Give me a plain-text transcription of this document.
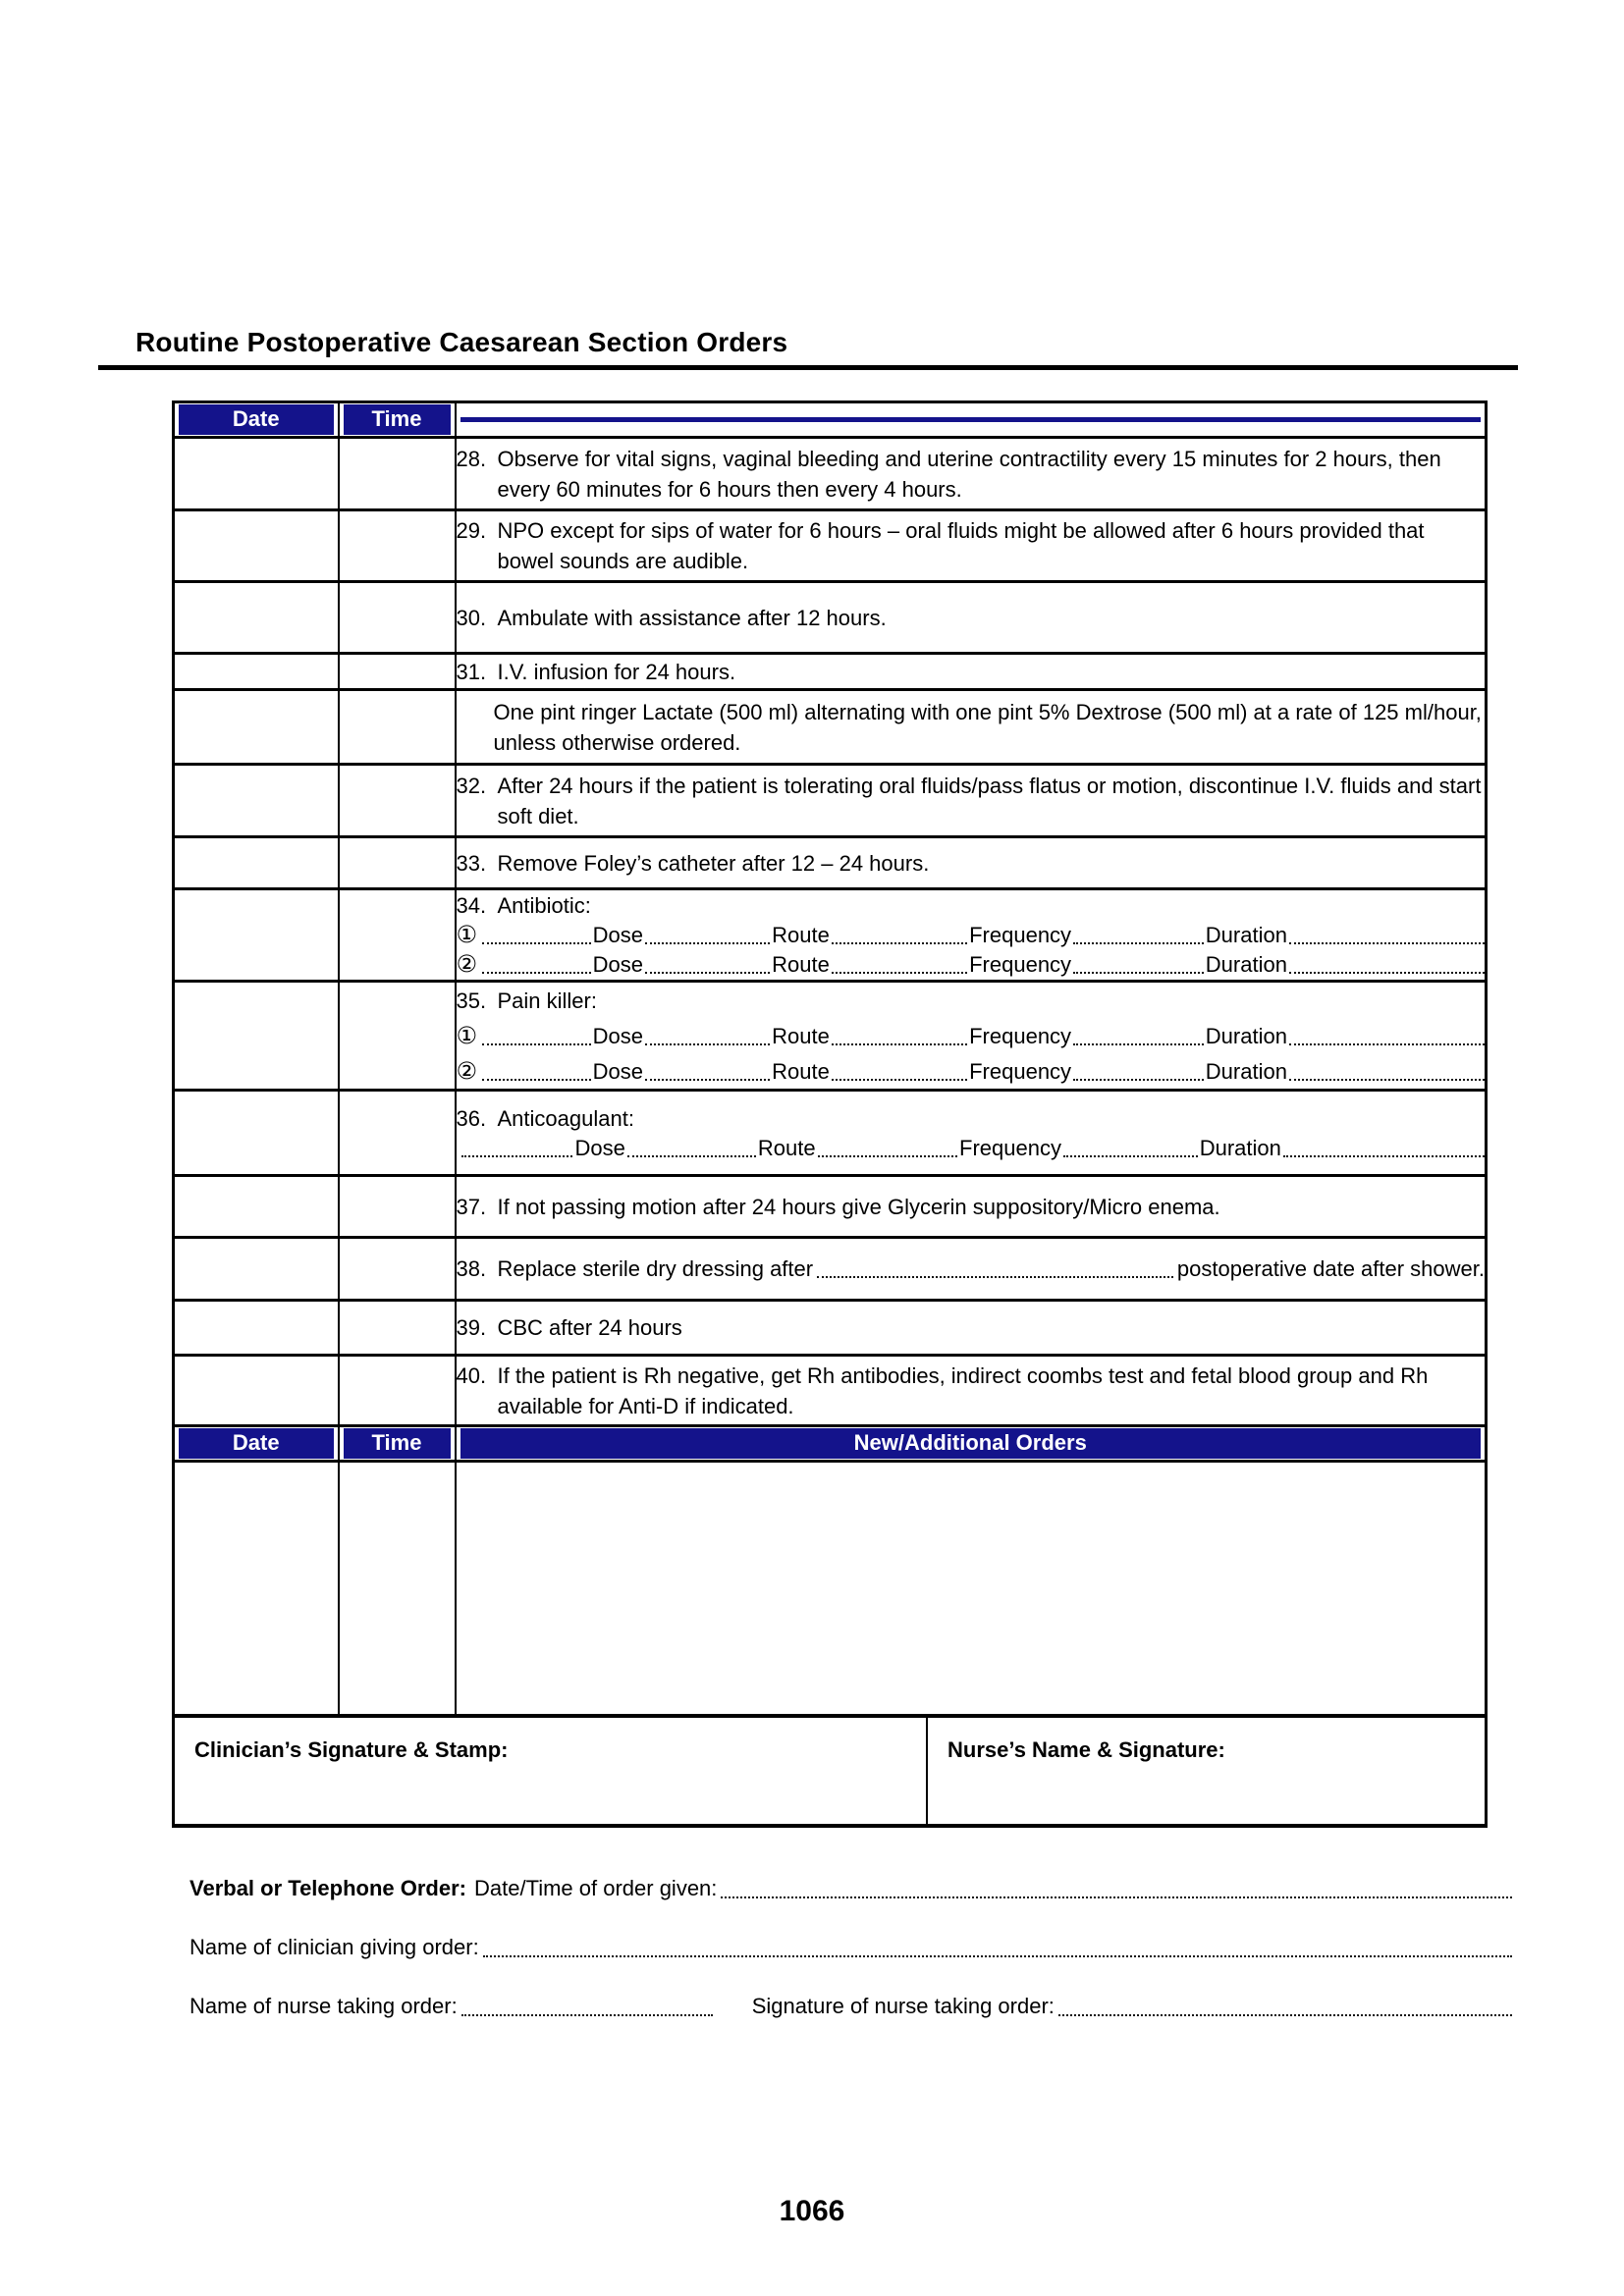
Routine Postoperative Caesarean Section Orders
Date	Time	

		28. Observe for vital signs, vaginal bleeding and uterine contractility every 15 minutes for 2 hours, then every 60 minutes for 6 hours then every 4 hours.

		29. NPO except for sips of water for 6 hours – oral fluids might be allowed after 6 hours provided that bowel sounds are audible.

		30. Ambulate with assistance after 12 hours.

		31. I.V. infusion for 24 hours.

		One pint ringer Lactate (500 ml) alternating with one pint 5% Dextrose (500 ml) at a rate of 125 ml/hour, unless otherwise ordered.

		32. After 24 hours if the patient is tolerating oral fluids/pass flatus or motion, discontinue I.V. fluids and start soft diet.

		33. Remove Foley’s catheter after 12 – 24 hours.

34. Antibiotic:
①	Dose	Route	Frequency	Duration
②	Dose	Route	Frequency	Duration

35. Pain killer:
①	Dose	Route	Frequency	Duration
②	Dose	Route	Frequency	Duration

36. Anticoagulant:
Dose	Route	Frequency	Duration

		37. If not passing motion after 24 hours give Glycerin suppository/Micro enema.

		38. Replace sterile dry dressing after postoperative date after shower.

		39. CBC after 24 hours

		40. If the patient is Rh negative, get Rh antibodies, indirect coombs test and fetal blood group and Rh available for Anti-D if indicated.

Date	Time	New/Additional Orders

Clinician’s Signature & Stamp: Nurse’s Name & Signature:		
Verbal or Telephone Order: Date/Time of order given:
Name of clinician giving order:
Name of nurse taking order:	Signature of nurse taking order:
1066
